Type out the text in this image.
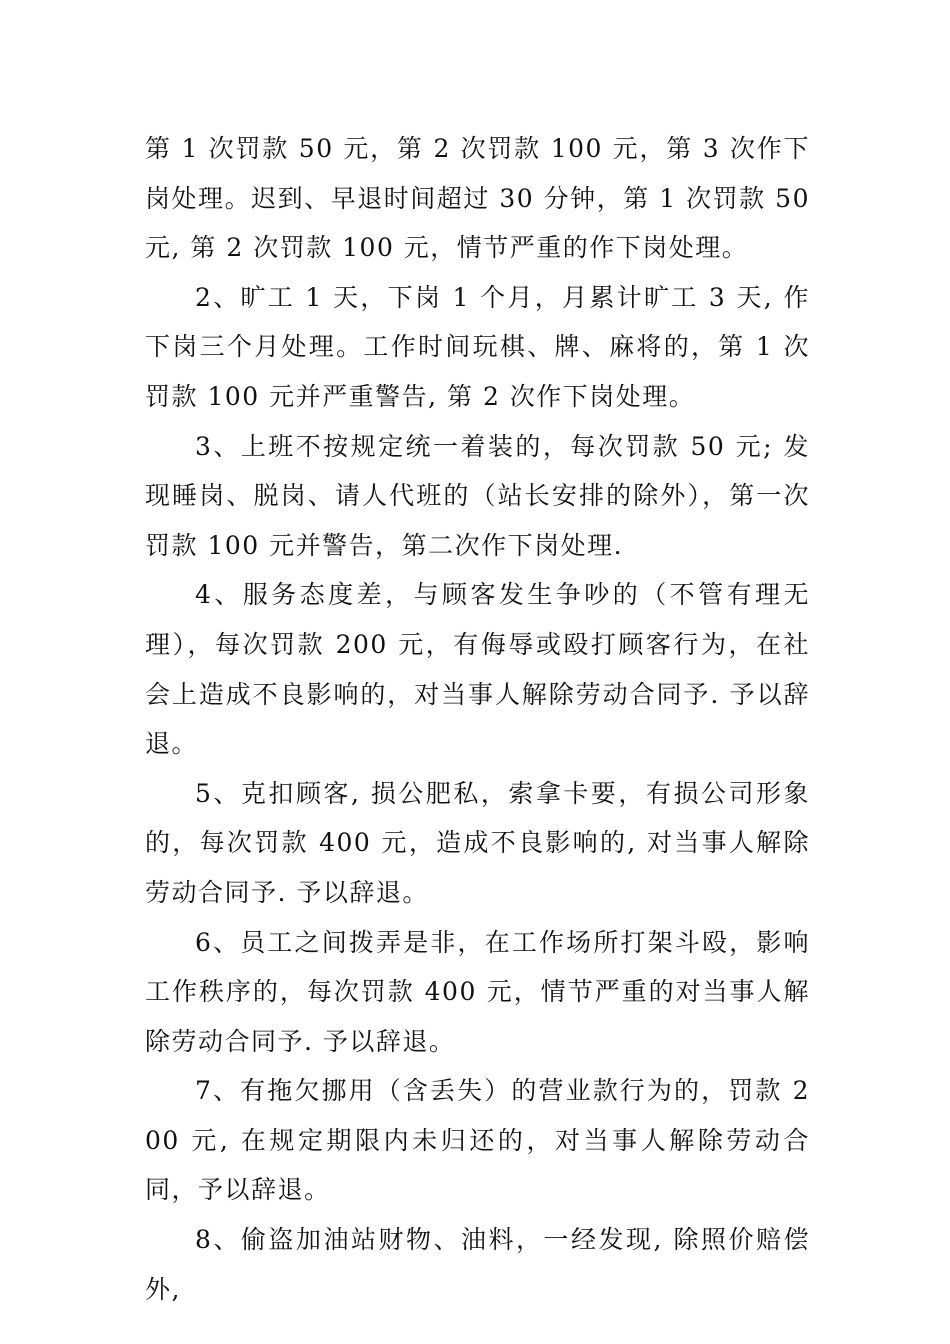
第 1 次罚款 50 元，第 2 次罚款 100 元，第 3 次作下岗处理。迟到、早退时间超过 30 分钟，第 1 次罚款 50 元, 第 2 次罚款 100 元，情节严重的作下岗处理。

2、旷工 1 天，下岗 1 个月，月累计旷工 3 天, 作下岗三个月处理。工作时间玩棋、牌、麻将的，第 1 次罚款 100 元并严重警告, 第 2 次作下岗处理。

3、上班不按规定统一着装的，每次罚款 50 元; 发现睡岗、脱岗、请人代班的（站长安排的除外），第一次罚款 100 元并警告，第二次作下岗处理.

4、服务态度差，与顾客发生争吵的（不管有理无理），每次罚款 200 元，有侮辱或殴打顾客行为，在社会上造成不良影响的，对当事人解除劳动合同予. 予以辞退。

5、克扣顾客, 损公肥私，索拿卡要，有损公司形象的，每次罚款 400 元，造成不良影响的, 对当事人解除劳动合同予. 予以辞退。

6、员工之间拨弄是非，在工作场所打架斗殴，影响工作秩序的，每次罚款 400 元，情节严重的对当事人解除劳动合同予. 予以辞退。

7、有拖欠挪用（含丢失）的营业款行为的，罚款 200 元, 在规定期限内未归还的，对当事人解除劳动合同，予以辞退。

8、偷盗加油站财物、油料，一经发现, 除照价赔偿外,
